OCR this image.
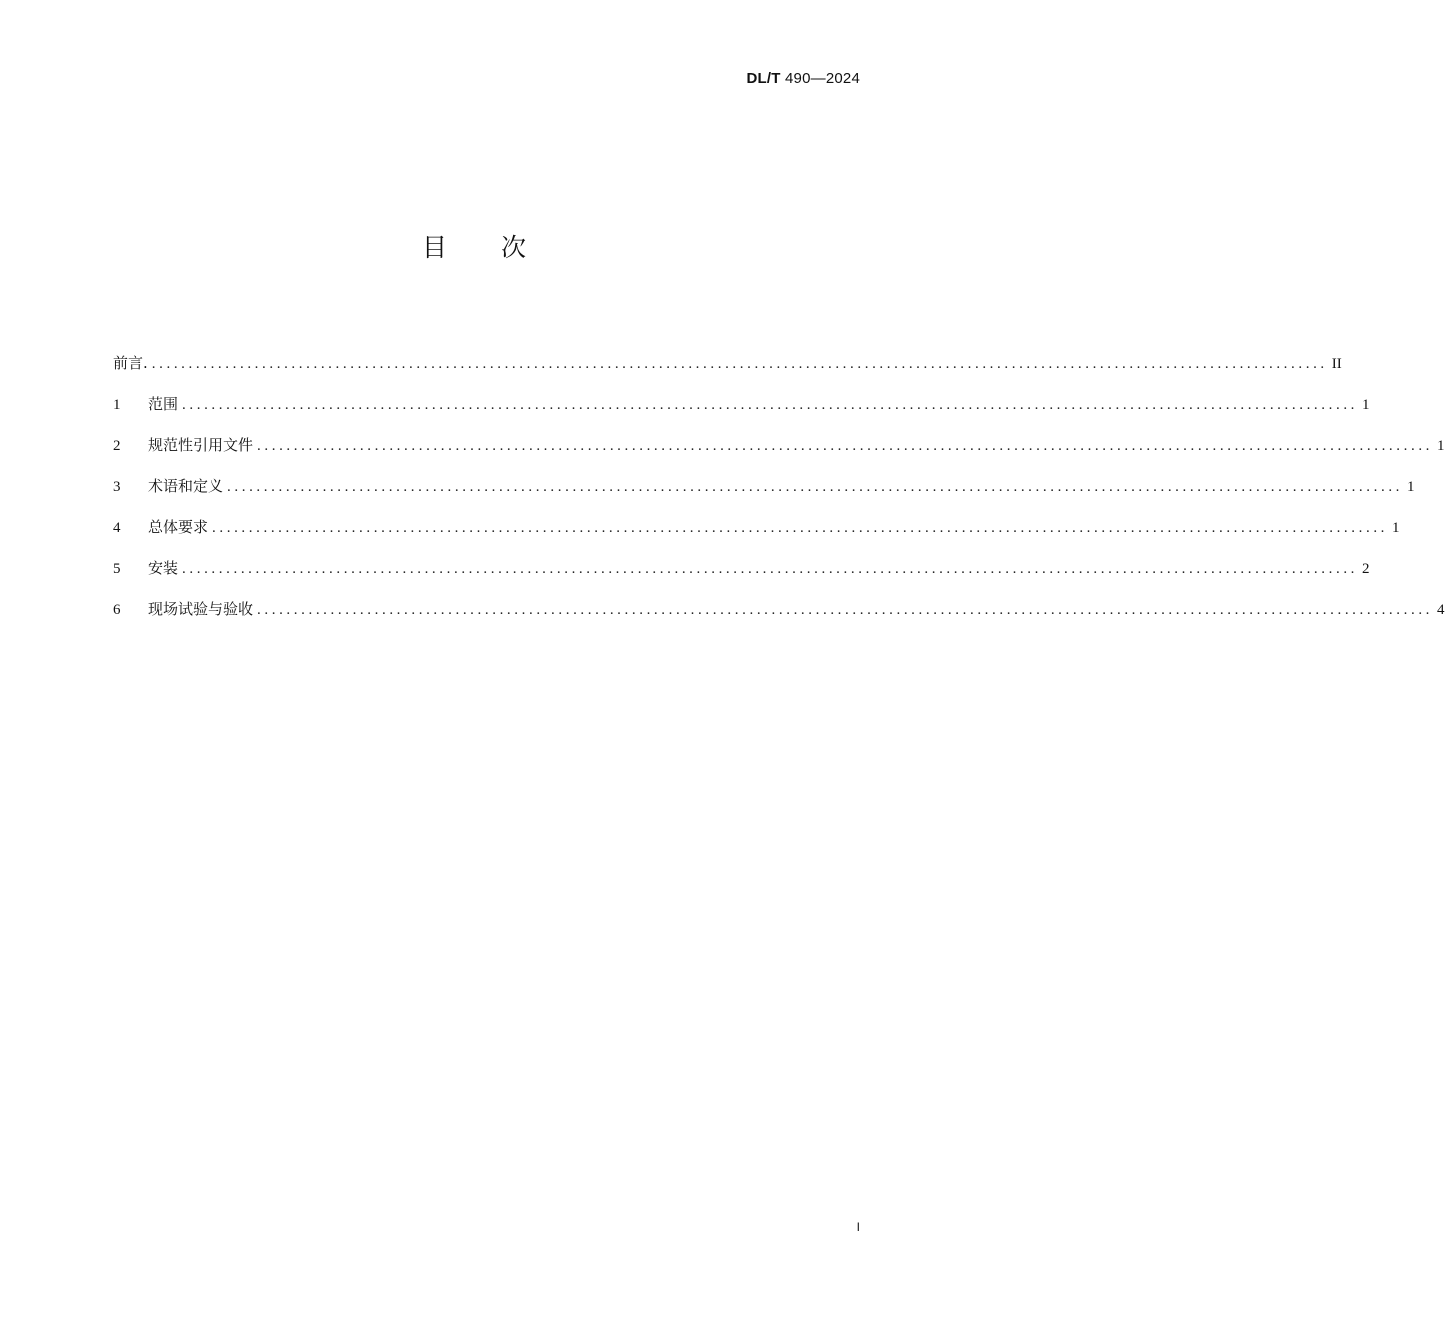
DL/T 490—2024
目 次
前言. ................................................................................................................................................................ II
1	范围 ................................................................................................................................................................ 1
2	规范性引用文件 ................................................................................................................................................................ 1
3	术语和定义 ................................................................................................................................................................ 1
4	总体要求 ................................................................................................................................................................ 1
5	安装 ................................................................................................................................................................ 2
6	现场试验与验收 ................................................................................................................................................................ 4
I
